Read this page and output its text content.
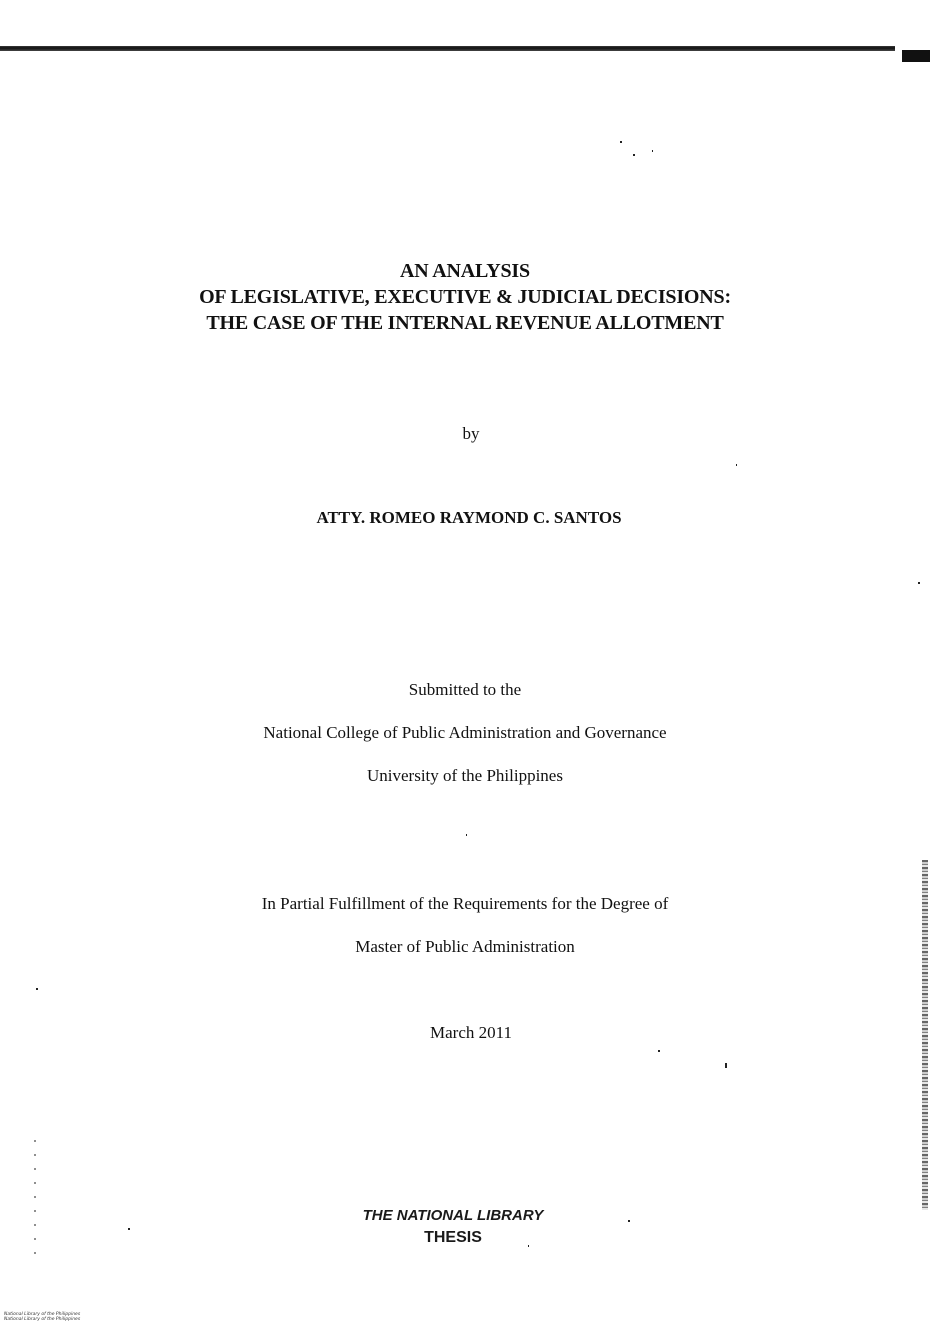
AN ANALYSIS
OF LEGISLATIVE, EXECUTIVE & JUDICIAL DECISIONS:
THE CASE OF THE INTERNAL REVENUE ALLOTMENT
by
ATTY. ROMEO RAYMOND C. SANTOS
Submitted to the
National College of Public Administration and Governance
University of the Philippines
In Partial Fulfillment of the Requirements for the Degree of
Master of Public Administration
March 2011
THE NATIONAL LIBRARY
THESIS
National Library of the Philippines
National Library of the Philippines
